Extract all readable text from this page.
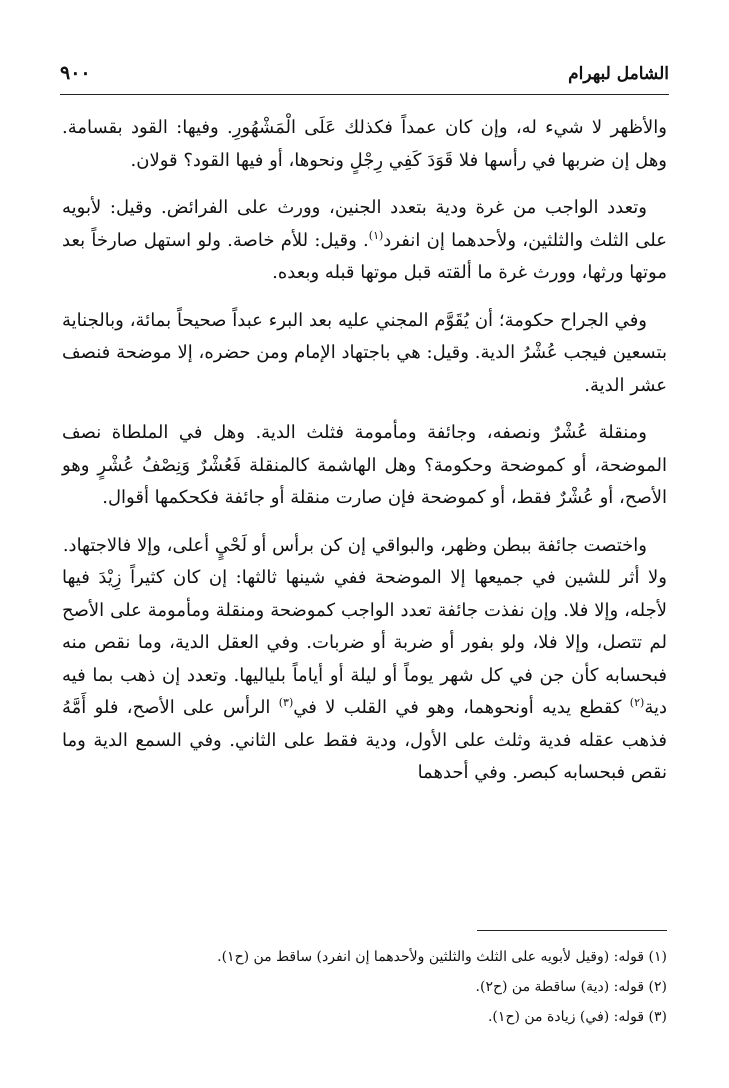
الشامل لبهرام
٩٠٠

والأظهر لا شيء له، وإن كان عمداً فكذلك عَلَى الْمَشْهُورِ. وفيها: القود بقسامة. وهل إن ضربها في رأسها فلا قَوَدَ كَفِي رِجْلٍ ونحوها، أو فيها القود؟ قولان.

وتعدد الواجب من غرة ودية بتعدد الجنين، وورث على الفرائض. وقيل: لأبويه على الثلث والثلثين، ولأحدهما إن انفرد$^{(١)}$. وقيل: للأم خاصة. ولو استهل صارخاً بعد موتها ورثها، وورث غرة ما ألقته قبل موتها قبله وبعده.

وفي الجراح حكومة؛ أن يُقَوَّم المجني عليه بعد البرء عبداً صحيحاً بمائة، وبالجناية بتسعين فيجب عُشْرُ الدية. وقيل: هي باجتهاد الإمام ومن حضره، إلا موضحة فنصف عشر الدية.

ومنقلة عُشْرٌ ونصفه، وجائفة ومأمومة فثلث الدية. وهل في الملطاة نصف الموضحة، أو كموضحة وحكومة؟ وهل الهاشمة كالمنقلة فَعُشْرٌ وَنِصْفُ عُشْرٍ وهو الأصح، أو عُشْرٌ فقط، أو كموضحة فإن صارت منقلة أو جائفة فكحكمها أقوال.

واختصت جائفة ببطن وظهر، والبواقي إن كن برأس أو لَحْيٍ أعلى، وإلا فالاجتهاد.

ولا أثر للشين في جميعها إلا الموضحة ففي شينها ثالثها: إن كان كثيراً زِيْدَ فيها لأجله، وإلا فلا. وإن نفذت جائفة تعدد الواجب كموضحة ومنقلة ومأمومة على الأصح لم تتصل، وإلا فلا، ولو بفور أو ضربة أو ضربات. وفي العقل الدية، وما نقص منه فبحسابه كأن جن في كل شهر يوماً أو ليلة أو أياماً بلياليها. وتعدد إن ذهب بما فيه دية$^{(٢)}$ كقطع يديه أونحوهما، وهو في القلب لا في$^{(٣)}$ الرأس على الأصح، فلو أَمَّهُ فذهب عقله فدية وثلث على الأول، ودية فقط على الثاني. وفي السمع الدية وما نقص فبحسابه كبصر. وفي أحدهما

(١) قوله: (وقيل لأبويه على الثلث والثلثين ولأحدهما إن انفرد) ساقط من (ح١).

(٢) قوله: (دية) ساقطة من (ح٢).

(٣) قوله: (في) زيادة من (ح١).
